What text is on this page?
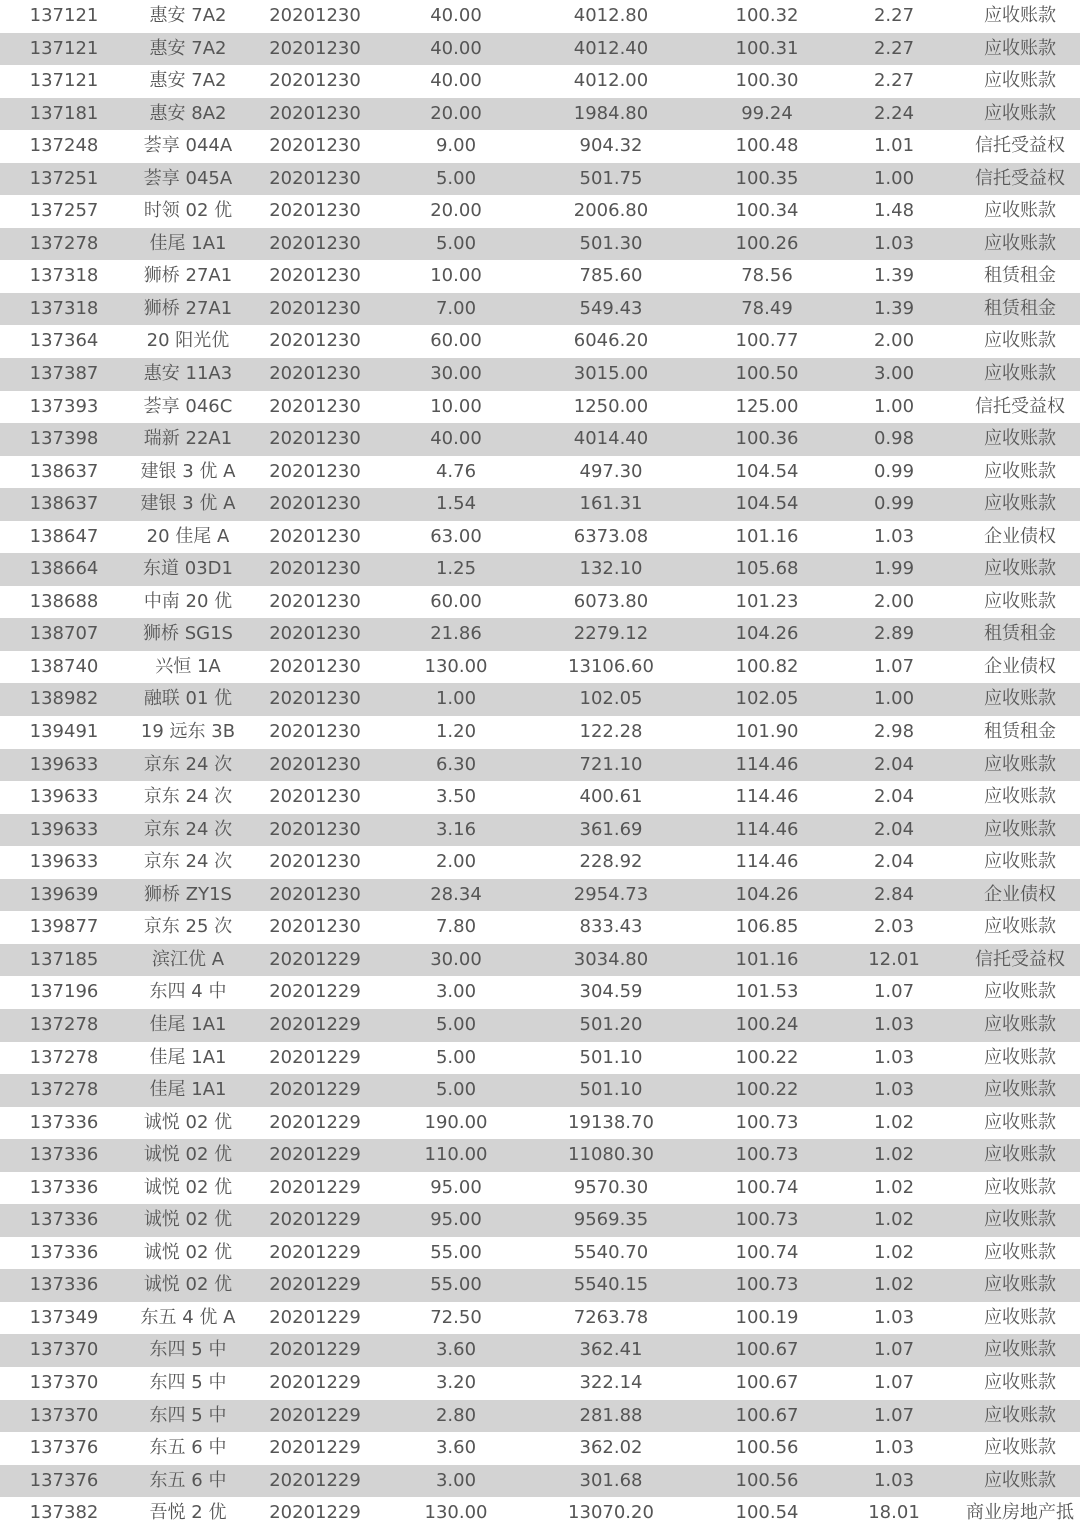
137121	惠安 7A2	20201230	40.00	4012.80	100.32	2.27	应收账款
137121	惠安 7A2	20201230	40.00	4012.40	100.31	2.27	应收账款
137121	惠安 7A2	20201230	40.00	4012.00	100.30	2.27	应收账款
137181	惠安 8A2	20201230	20.00	1984.80	99.24	2.24	应收账款
137248	荟享 044A	20201230	9.00	904.32	100.48	1.01	信托受益权
137251	荟享 045A	20201230	5.00	501.75	100.35	1.00	信托受益权
137257	时领 02 优	20201230	20.00	2006.80	100.34	1.48	应收账款
137278	佳尾 1A1	20201230	5.00	501.30	100.26	1.03	应收账款
137318	狮桥 27A1	20201230	10.00	785.60	78.56	1.39	租赁租金
137318	狮桥 27A1	20201230	7.00	549.43	78.49	1.39	租赁租金
137364	20 阳光优	20201230	60.00	6046.20	100.77	2.00	应收账款
137387	惠安 11A3	20201230	30.00	3015.00	100.50	3.00	应收账款
137393	荟享 046C	20201230	10.00	1250.00	125.00	1.00	信托受益权
137398	瑞新 22A1	20201230	40.00	4014.40	100.36	0.98	应收账款
138637	建银 3 优 A	20201230	4.76	497.30	104.54	0.99	应收账款
138637	建银 3 优 A	20201230	1.54	161.31	104.54	0.99	应收账款
138647	20 佳尾 A	20201230	63.00	6373.08	101.16	1.03	企业债权
138664	东道 03D1	20201230	1.25	132.10	105.68	1.99	应收账款
138688	中南 20 优	20201230	60.00	6073.80	101.23	2.00	应收账款
138707	狮桥 SG1S	20201230	21.86	2279.12	104.26	2.89	租赁租金
138740	兴恒 1A	20201230	130.00	13106.60	100.82	1.07	企业债权
138982	融联 01 优	20201230	1.00	102.05	102.05	1.00	应收账款
139491	19 远东 3B	20201230	1.20	122.28	101.90	2.98	租赁租金
139633	京东 24 次	20201230	6.30	721.10	114.46	2.04	应收账款
139633	京东 24 次	20201230	3.50	400.61	114.46	2.04	应收账款
139633	京东 24 次	20201230	3.16	361.69	114.46	2.04	应收账款
139633	京东 24 次	20201230	2.00	228.92	114.46	2.04	应收账款
139639	狮桥 ZY1S	20201230	28.34	2954.73	104.26	2.84	企业债权
139877	京东 25 次	20201230	7.80	833.43	106.85	2.03	应收账款
137185	滨江优 A	20201229	30.00	3034.80	101.16	12.01	信托受益权
137196	东四 4 中	20201229	3.00	304.59	101.53	1.07	应收账款
137278	佳尾 1A1	20201229	5.00	501.20	100.24	1.03	应收账款
137278	佳尾 1A1	20201229	5.00	501.10	100.22	1.03	应收账款
137278	佳尾 1A1	20201229	5.00	501.10	100.22	1.03	应收账款
137336	诚悦 02 优	20201229	190.00	19138.70	100.73	1.02	应收账款
137336	诚悦 02 优	20201229	110.00	11080.30	100.73	1.02	应收账款
137336	诚悦 02 优	20201229	95.00	9570.30	100.74	1.02	应收账款
137336	诚悦 02 优	20201229	95.00	9569.35	100.73	1.02	应收账款
137336	诚悦 02 优	20201229	55.00	5540.70	100.74	1.02	应收账款
137336	诚悦 02 优	20201229	55.00	5540.15	100.73	1.02	应收账款
137349	东五 4 优 A	20201229	72.50	7263.78	100.19	1.03	应收账款
137370	东四 5 中	20201229	3.60	362.41	100.67	1.07	应收账款
137370	东四 5 中	20201229	3.20	322.14	100.67	1.07	应收账款
137370	东四 5 中	20201229	2.80	281.88	100.67	1.07	应收账款
137376	东五 6 中	20201229	3.60	362.02	100.56	1.03	应收账款
137376	东五 6 中	20201229	3.00	301.68	100.56	1.03	应收账款
137382	吾悦 2 优	20201229	130.00	13070.20	100.54	18.01	商业房地产抵
